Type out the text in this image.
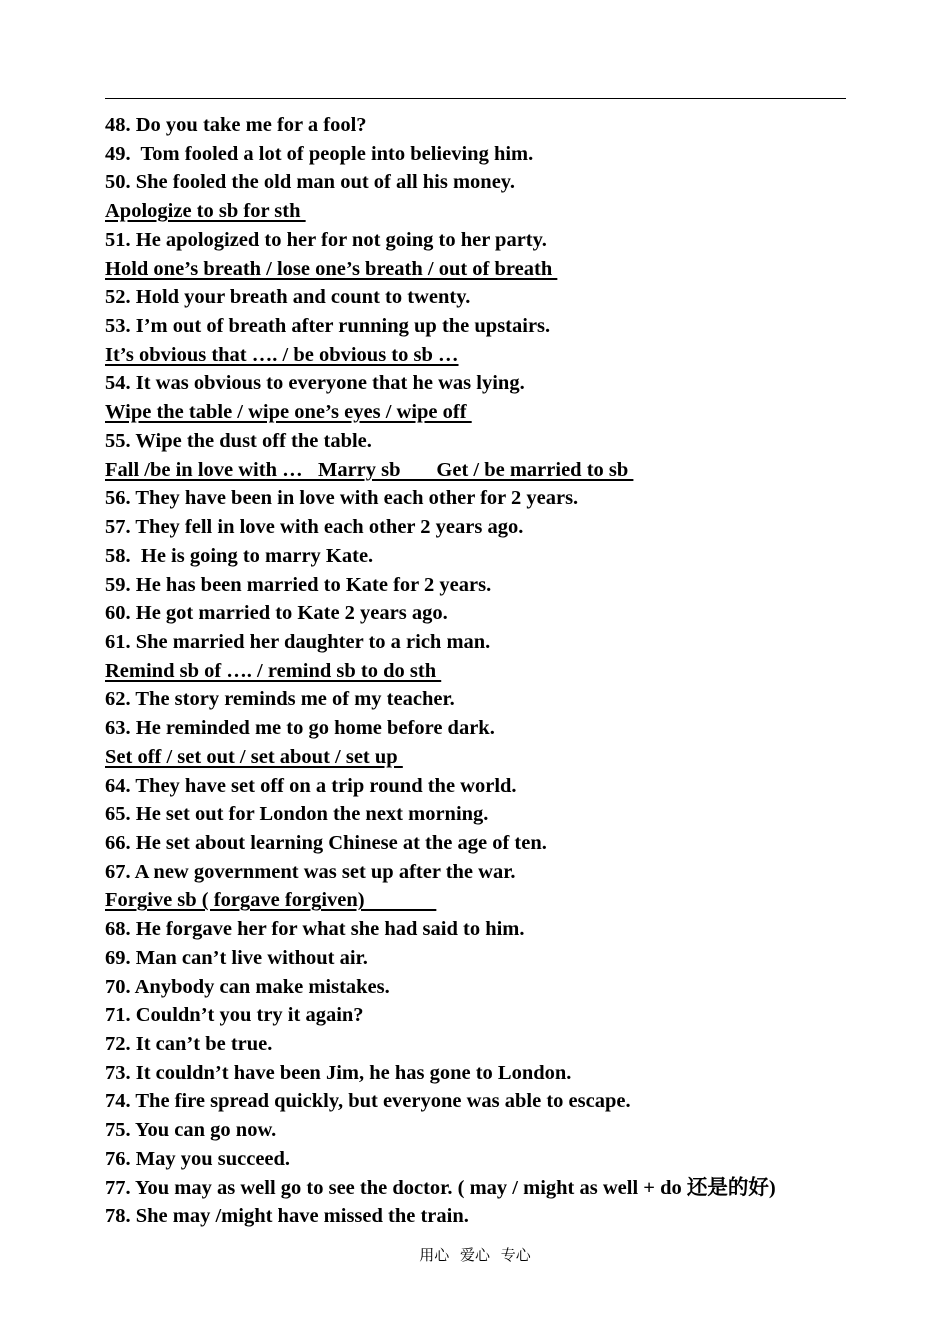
48. Do you take me for a fool?
49.  Tom fooled a lot of people into believing him.
50. She fooled the old man out of all his money.
Apologize to sb for sth
51. He apologized to her for not going to her party.
Hold one’s breath / lose one’s breath / out of breath
52. Hold your breath and count to twenty.
53. I’m out of breath after running up the upstairs.
It’s obvious that …. / be obvious to sb …
54. It was obvious to everyone that he was lying.
Wipe the table / wipe one’s eyes / wipe off
55. Wipe the dust off the table.
Fall /be in love with …   Marry sb       Get / be married to sb
56. They have been in love with each other for 2 years.
57. They fell in love with each other 2 years ago.
58.  He is going to marry Kate.
59. He has been married to Kate for 2 years.
60. He got married to Kate 2 years ago.
61. She married her daughter to a rich man.
Remind sb of …. / remind sb to do sth
62. The story reminds me of my teacher.
63. He reminded me to go home before dark.
Set off / set out / set about / set up
64. They have set off on a trip round the world.
65. He set out for London the next morning.
66. He set about learning Chinese at the age of ten.
67. A new government was set up after the war.
Forgive sb ( forgave forgiven)
68. He forgave her for what she had said to him.
69. Man can’t live without air.
70. Anybody can make mistakes.
71. Couldn’t you try it again?
72. It can’t be true.
73. It couldn’t have been Jim, he has gone to London.
74. The fire spread quickly, but everyone was able to escape.
75. You can go now.
76. May you succeed.
77. You may as well go to see the doctor. ( may / might as well + do 还是的好)
78. She may /might have missed the train.
用心 爱心 专心
